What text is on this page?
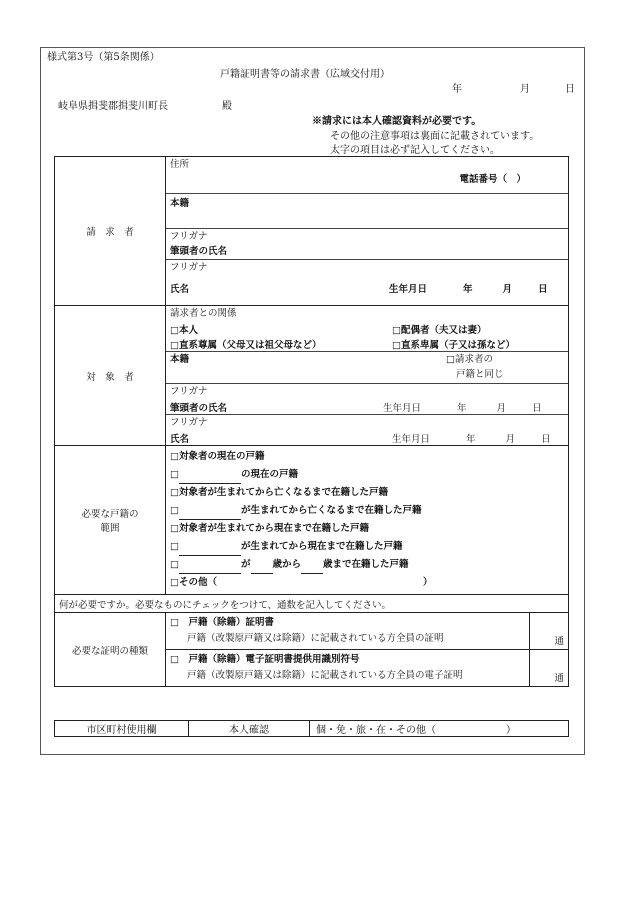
様式第3号（第5条関係）
戸籍証明書等の請求書（広域交付用）
年	月	日
岐阜県揖斐郡揖斐川町長	殿
※請求には本人確認資料が必要です。
その他の注意事項は裏面に記載されています。
太字の項目は必ず記入してください。
請　求　者	
住所
電話番号（　）
本籍
フリガナ
筆頭者の氏名
フリガナ
氏名	生年月日	年	月	日

対　象　者	
請求者との関係
□本人	□配偶者（夫又は妻）
□直系尊属（父母又は祖父母など）	□直系卑属（子又は孫など）
本籍	□請求者の
戸籍と同じ
フリガナ
筆頭者の氏名	生年月日	年	月	日
フリガナ
氏名	生年月日	年	月	日

必要な戸籍の
範囲

□対象者の現在の戸籍
□	の現在の戸籍
□対象者が生まれてから亡くなるまで在籍した戸籍
□	が生まれてから亡くなるまで在籍した戸籍
□対象者が生まれてから現在まで在籍した戸籍
□	が生まれてから現在まで在籍した戸籍
□	が 歳から 歳まで在籍した戸籍
□その他（	）

何が必要ですか。必要なものにチェックをつけて、通数を記入してください。
必要な証明の種類	
□　戸籍（除籍）証明書
戸籍（改製原戸籍又は除籍）に記載されている方全員の証明	通

□　戸籍（除籍）電子証明書提供用識別符号
戸籍（改製原戸籍又は除籍）に記載されている方全員の電子証明	通
市区町村使用欄	本人確認	個・免・旅・在・その他（　　　　　　　）
